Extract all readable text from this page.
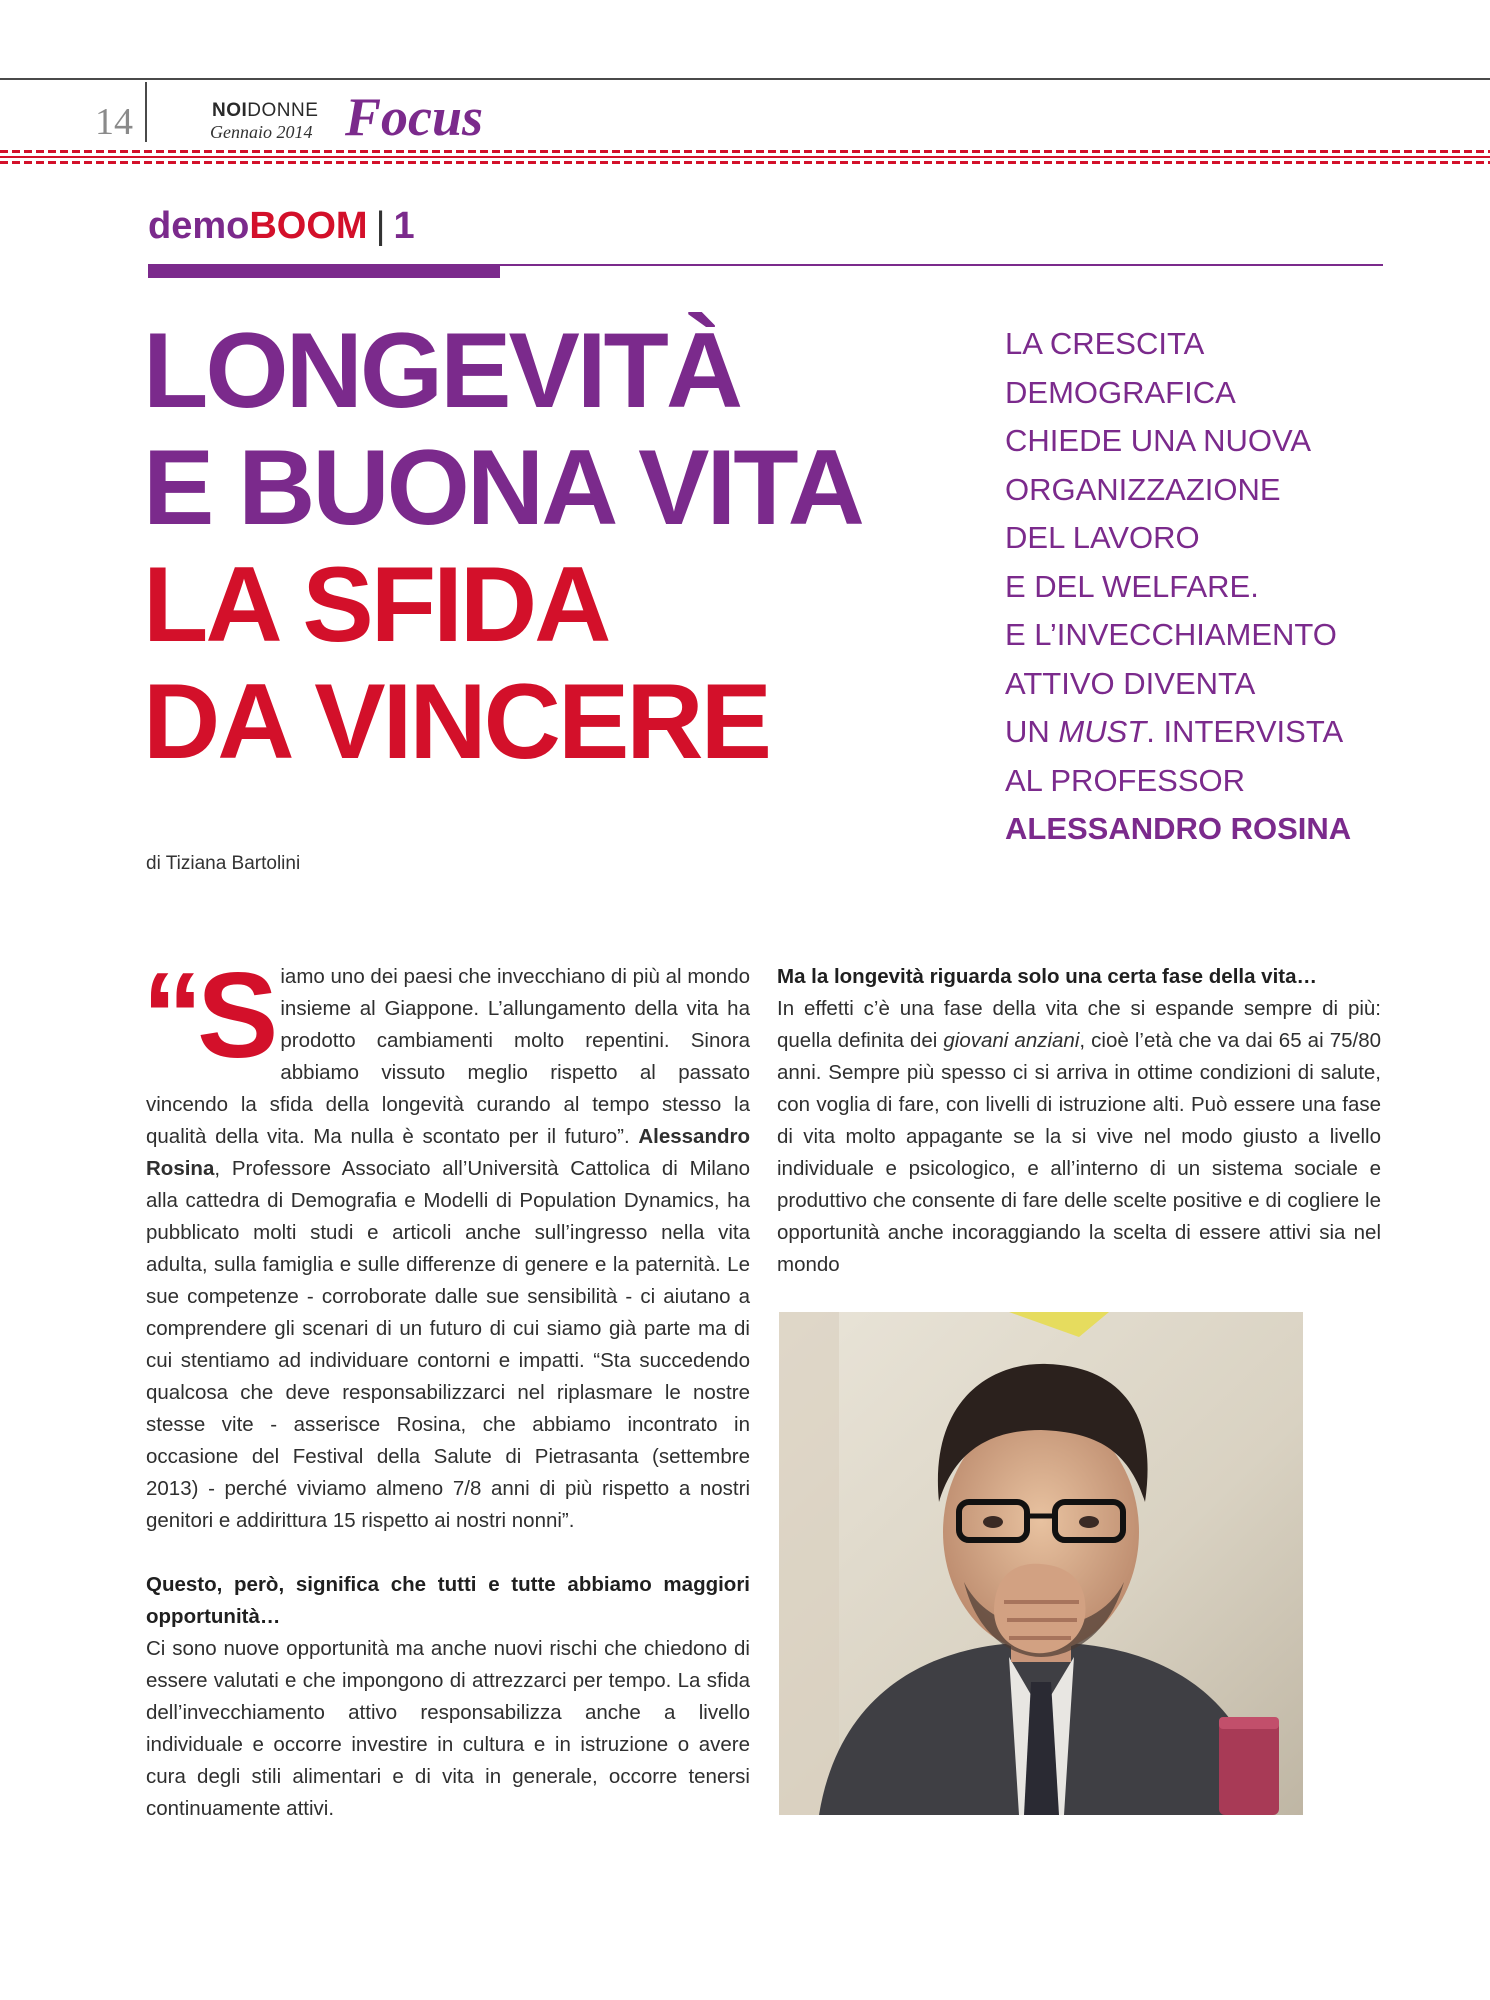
14	NOIDONNE
Gennaio 2014 Focus
demoBOOM | 1
LONGEVITÀ
E BUONA VITA
LA SFIDA
DA VINCERE
LA CRESCITA
DEMOGRAFICA
CHIEDE UNA NUOVA
ORGANIZZAZIONE
DEL LAVORO
E DEL WELFARE.
E L’INVECCHIAMENTO
ATTIVO DIVENTA
UN MUST. INTERVISTA
AL PROFESSOR
ALESSANDRO ROSINA
di Tiziana Bartolini

“Siamo uno dei paesi che invecchiano di più al mondo insieme al Giappone. L’allungamento della vita ha prodotto cambiamenti molto repentini. Sinora abbiamo vissuto meglio rispetto al passato vincendo la sfida della longevità curando al tempo stesso la qualità della vita. Ma nulla è scontato per il futuro”. Alessandro Rosina, Professore Associato all’Università Cattolica di Milano alla cattedra di Demografia e Modelli di Population Dynamics, ha pubblicato molti studi e articoli anche sull’ingresso nella vita adulta, sulla famiglia e sulle differenze di genere e la paternità. Le sue competenze - corroborate dalle sue sensibilità - ci aiutano a comprendere gli scenari di un futuro di cui siamo già parte ma di cui stentiamo ad individuare contorni e impatti. “Sta succedendo qualcosa che deve responsabilizzarci nel riplasmare le nostre stesse vite - asserisce Rosina, che abbiamo incontrato in occasione del Festival della Salute di Pietrasanta (settembre 2013) - perché viviamo almeno 7/8 anni di più rispetto a nostri genitori e addirittura 15 rispetto ai nostri nonni”.

Questo, però, significa che tutti e tutte abbiamo maggiori opportunità…

Ci sono nuove opportunità ma anche nuovi rischi che chiedono di essere valutati e che impongono di attrezzarci per tempo. La sfida dell’invecchiamento attivo responsabilizza anche a livello individuale e occorre investire in cultura e in istruzione o avere cura degli stili alimentari e di vita in generale, occorre tenersi continuamente attivi.

Ma la longevità riguarda solo una certa fase della vita…

In effetti c’è una fase della vita che si espande sempre di più: quella definita dei giovani anziani, cioè l’età che va dai 65 ai 75/80 anni. Sempre più spesso ci si arriva in ottime condizioni di salute, con voglia di fare, con livelli di istruzione alti. Può essere una fase di vita molto appagante se la si vive nel modo giusto a livello individuale e psicologico, e all’interno di un sistema sociale e produttivo che consente di fare delle scelte positive e di cogliere le opportunità anche incoraggiando la scelta di essere attivi sia nel mondo
